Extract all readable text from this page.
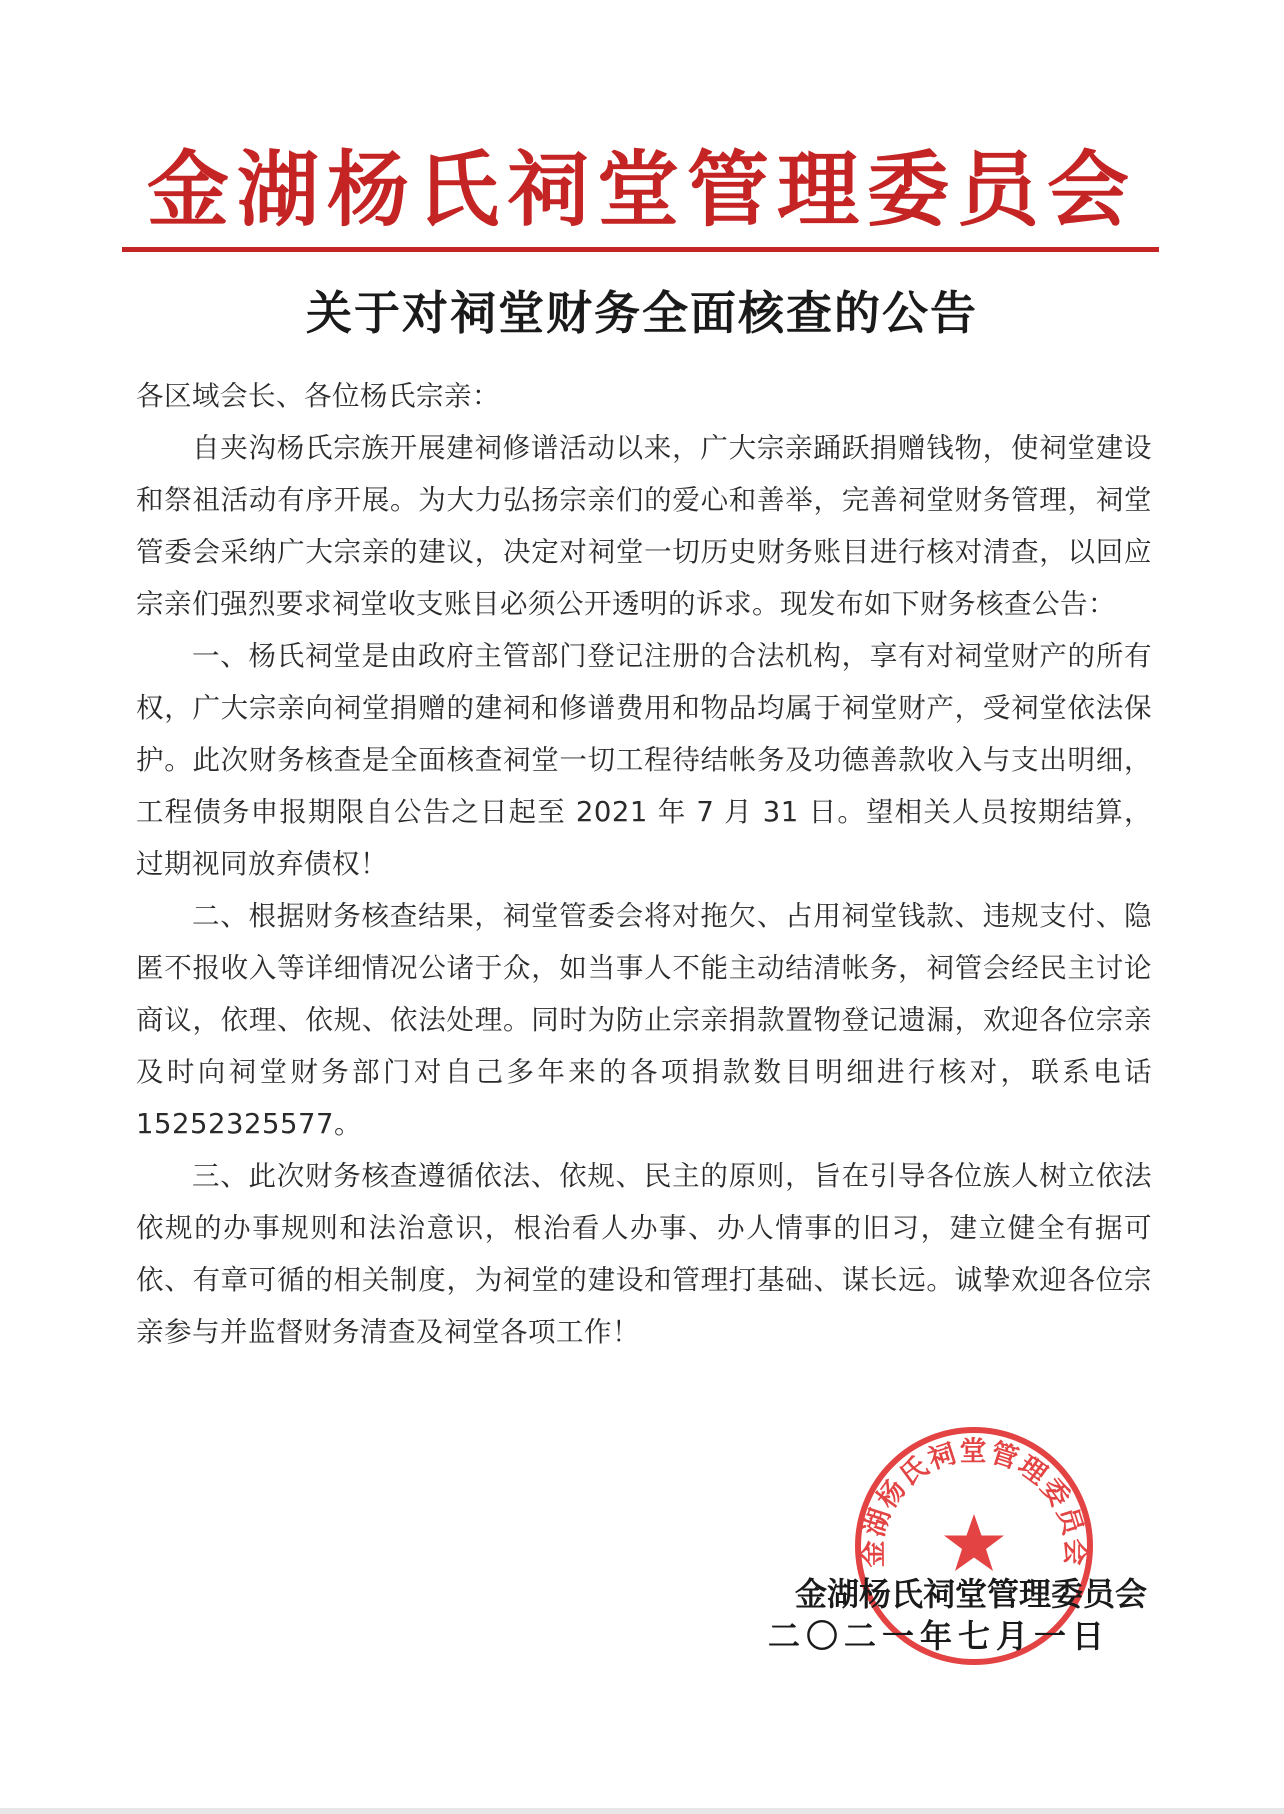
金湖杨氏祠堂管理委员会
关于对祠堂财务全面核查的公告

各区域会长、各位杨氏宗亲：

自夹沟杨氏宗族开展建祠修谱活动以来，广大宗亲踊跃捐赠钱物，使祠堂建设和祭祖活动有序开展。为大力弘扬宗亲们的爱心和善举，完善祠堂财务管理，祠堂管委会采纳广大宗亲的建议，决定对祠堂一切历史财务账目进行核对清查，以回应宗亲们强烈要求祠堂收支账目必须公开透明的诉求。现发布如下财务核查公告：

一、杨氏祠堂是由政府主管部门登记注册的合法机构，享有对祠堂财产的所有权，广大宗亲向祠堂捐赠的建祠和修谱费用和物品均属于祠堂财产，受祠堂依法保护。此次财务核查是全面核查祠堂一切工程待结帐务及功德善款收入与支出明细，工程债务申报期限自公告之日起至 2021 年 7 月 31 日。望相关人员按期结算，过期视同放弃债权！

二、根据财务核查结果，祠堂管委会将对拖欠、占用祠堂钱款、违规支付、隐匿不报收入等详细情况公诸于众，如当事人不能主动结清帐务，祠管会经民主讨论商议，依理、依规、依法处理。同时为防止宗亲捐款置物登记遗漏，欢迎各位宗亲及时向祠堂财务部门对自己多年来的各项捐款数目明细进行核对，联系电话 15252325577。

三、此次财务核查遵循依法、依规、民主的原则，旨在引导各位族人树立依法依规的办事规则和法治意识，根治看人办事、办人情事的旧习，建立健全有据可依、有章可循的相关制度，为祠堂的建设和管理打基础、谋长远。诚挚欢迎各位宗亲参与并监督财务清查及祠堂各项工作！

金湖杨氏祠堂管理委员会
金湖杨氏祠堂管理委员会
二〇二一年七月一日
